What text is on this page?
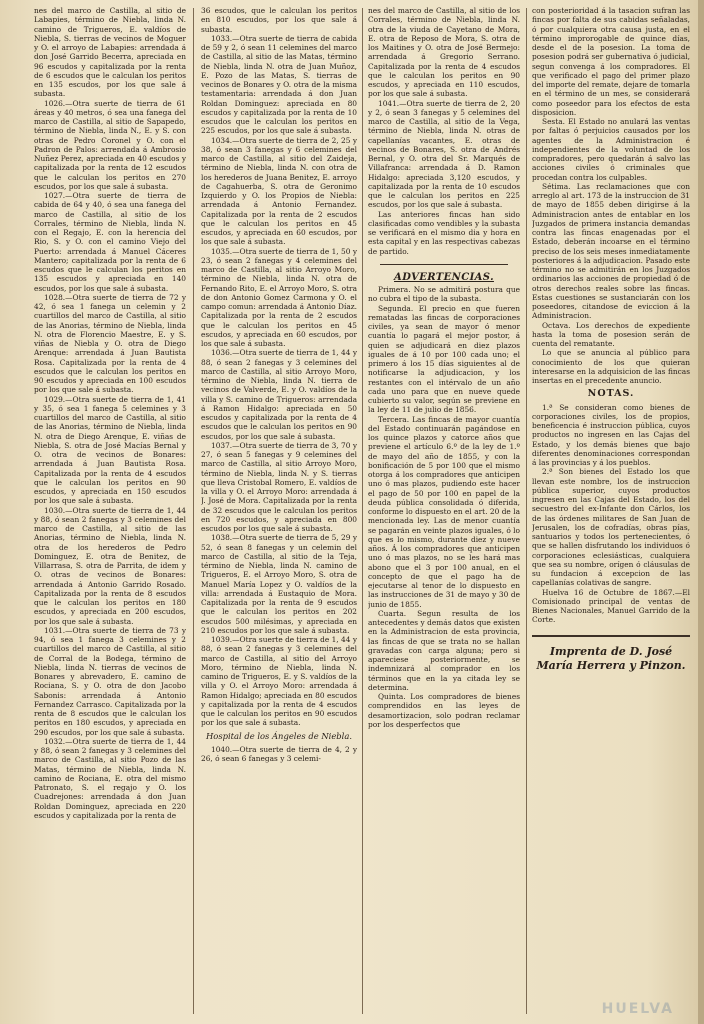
nes del marco de Castilla, al sitio de Labapies, término de Niebla, linda N. camino de Trigueros, E. valdíos de Niebla, S. tierras de vecinos de Moguer y O. el arroyo de Labapies: arrendada á don José Garrido Becerra, apreciada en 96 escudos y capitalizada por la renta de 6 escudos que le calculan los peritos en 135 escudos, por los que sale á subasta.

1026.—Otra suerte de tierra de 61 áreas y 40 metros, ó sea una fanega del marco de Castilla, al sitio de Sapapedo, término de Niebla, linda N., E. y S. con otras de Pedro Coronel y O. con el Padron de Palos: arrendada á Ambrosio Nuñez Perez, apreciada en 40 escudos y capitalizada por la renta de 12 escudos que le calculan los peritos en 270 escudos, por los que sale á subasta.

1027.—Otra suerte de tierra de cabida de 64 y 40, ó sea una fanega del marco de Castilla, al sitio de los Corrales, término de Niebla, linda N. con el Regajo, E. con la herencia del Rio, S. y O. con el camino Viejo del Puerto: arrendada á Manuel Cáceres Mantero; capitalizada por la renta de 6 escudos que le calculan los peritos en 135 escudos y apreciada en 140 escudos, por los que sale á subasta.

1028.—Otra suerte de tierra de 72 y 42, ó sea 1 fanega un celemin y 2 cuartillos del marco de Castilla, al sitio de las Anorias, término de Niebla, linda N. otra de Florencio Maestre, E. y S. viñas de Niebla y O. otra de Diego Arenque: arrendada á Juan Bautista Rosa. Capitalizada por la renta de 4 escudos que le calculan los peritos en 90 escudos y apreciada en 100 escudos por los que sale á subasta.

1029.—Otra suerte de tierra de 1, 41 y 35, ó sea 1 fanega 5 celemines y 3 cuartillos del marco de Castilla, al sitio de las Anorias, término de Niebla, linda N. otra de Diego Arenque, E. viñas de Niebla, S. otra de José Macías Bernal y O. otra de vecinos de Bonares: arrendada á Juan Bautista Rosa. Capitalizada por la renta de 4 escudos que le calculan los peritos en 90 escudos, y apreciada en 150 escudos por los que sale á subasta.

1030.—Otra suerte de tierra de 1, 44 y 88, ó sean 2 fanegas y 3 celemines del marco de Castilla, al sitio de las Anorias, término de Niebla, linda N. otra de los herederos de Pedro Dominguez, E. otra de Benitez, de Villarrasa, S. otra de Parrita, de idem y O. otras de vecinos de Bonares: arrendada á Antonio Garrido Rosado. Capitalizada por la renta de 8 escudos que le calculan los peritos en 180 escudos, y apreciada en 200 escudos, por los que sale á subasta.

1031.—Otra suerte de tierra de 73 y 94, ó sea 1 fanega 3 celemines y 2 cuartillos del marco de Castilla, al sitio de Corral de la Bodega, término de Niebla, linda N. tierras de vecinos de Bonares y abrevadero, E. camino de Rociana, S. y O. otra de don Jacobo Sabonis: arrendada á Antonio Fernandez Carrasco. Capitalizada por la renta de 8 escudos que le calculan los peritos en 180 escudos, y apreciada en 290 escudos, por los que sale á subasta.

1032.—Otra suerte de tierra de 1, 44 y 88, ó sean 2 fanegas y 3 celemines del marco de Castilla, al sitio Pozo de las Matas, término de Niebla, linda N. camino de Rociana, E. otra del mismo Patronato, S. el regajo y O. los Cuadrejones: arrendada á don Juan Roldan Dominguez, apreciada en 220 escudos y capitalizada por la renta de

36 escudos, que le calculan los peritos en 810 escudos, por los que sale á subasta.

1033.—Otra suerte de tierra de cabida de 59 y 2, ó sean 11 celemines del marco de Castilla, al sitio de las Matas, término de Niebla, linda N. otra de Juan Muñoz, E. Pozo de las Matas, S. tierras de vecinos de Bonares y O. otra de la misma testamentaria: arrendada á don Juan Roldan Dominguez: apreciada en 80 escudos y capitalizada por la renta de 10 escudos que le calculan los peritos en 225 escudos, por los que sale á subasta.

1034.—Otra suerte de tierra de 2, 25 y 38, ó sean 3 fanegas y 6 celemines del marco de Castilla, al sitio del Zaideja, término de Niebla, linda N. con otra de los herederos de Juana Benitez, E. arroyo de Cagahuerba, S. otra de Geronimo Izquierdo y O. los Propios de Niebla: arrendada á Antonio Fernandez. Capitalizada por la renta de 2 escudos que le calculan los peritos en 45 escudos, y apreciada en 60 escudos, por los que sale á subasta.

1035.—Otra suerte de tierra de 1, 50 y 23, ó sean 2 fanegas y 4 celemines del marco de Castilla, al sitio Arroyo Moro, término de Niebla, linda N. otra de Fernando Rito, E. el Arroyo Moro, S. otra de don Antonio Gomez Carmona y O. el campo comun: arrendada á Antonio Díaz. Capitalizada por la renta de 2 escudos que le calculan los peritos en 45 escudos, y apreciada en 60 escudos, por los que sale á subasta.

1036.—Otra suerte de tierra de 1, 44 y 88, ó sean 2 fanegas y 3 celemines del marco de Castilla, al sitio Arroyo Moro, término de Niebla, linda N. tierra de vecinos de Valverde, E. y O. valdíos de la villa y S. camino de Trigueros: arrendada á Ramon Hidalgo: apreciada en 50 escudos y capitalizada por la renta de 4 escudos que le calculan los peritos en 90 escudos, por los que sale á subasta.

1037.—Otra suerte de tierra de 3, 70 y 27, ó sean 5 fanegas y 9 celemines del marco de Castilla, al sitio Arroyo Moro, término de Niebla, linda N. y S. tierras que lleva Cristobal Romero, E. valdíos de la villa y O. el Arroyo Moro: arrendada á J. José de Mora. Capitalizada por la renta de 32 escudos que le calculan los peritos en 720 escudos, y apreciada en 800 escudos por los que sale á subasta.

1038.—Otra suerte de tierra de 5, 29 y 52, ó sean 8 fanegas y un celemin del marco de Castilla, al sitio de la Teja, término de Niebla, linda N. camino de Trigueros, E. el Arroyo Moro, S. otra de Manuel María Lopez y O. valdíos de la villa: arrendada á Eustaquio de Mora. Capitalizada por la renta de 9 escudos que le calculan los peritos en 202 escudos 500 milésimas, y apreciada en 210 escudos por los que sale á subasta.

1039.—Otra suerte de tierra de 1, 44 y 88, ó sean 2 fanegas y 3 celemines del marco de Castilla, al sitio del Arroyo Moro, término de Niebla, linda N. camino de Trigueros, E. y S. valdíos de la villa y O. el Arroyo Moro: arrendada á Ramon Hidalgo; apreciada en 80 escudos y capitalizada por la renta de 4 escudos que le calculan los peritos en 90 escudos por los que sale á subasta.

Hospital de los Ángeles de Niebla.

1040.—Otra suerte de tierra de 4, 2 y 26, ó sean 6 fanegas y 3 celemi-

nes del marco de Castilla, al sitio de los Corrales, término de Niebla, linda N. otra de la viuda de Cayetano de Mora, E. otra de Reposo de Mora, S. otra de los Maitines y O. otra de José Bermejo: arrendada á Gregorio Serrano. Capitalizada por la renta de 4 escudos que le calculan los peritos en 90 escudos, y apreciada en 110 escudos, por los que sale á subasta.

1041.—Otra suerte de tierra de 2, 20 y 2, ó sean 3 fanegas y 5 celemines del marco de Castilla, al sitio de la Vega, término de Niebla, linda N. otras de capellanías vacantes, E. otras de vecinos de Bonares, S. otra de Andrés Bernal, y O. otra del Sr. Marqués de Villafranca: arrendada á D. Ramon Hidalgo: apreciada 3,120 escudos, y capitalizada por la renta de 10 escudos que le calculan los peritos en 225 escudos, por los que sale á subasta.

Las anteriores fincas han sido clasificadas como vendibles y la subasta se verificará en el mismo dia y hora en esta capital y en las respectivas cabezas de partido.

ADVERTENCIAS.

Primera. No se admitirá postura que no cubra el tipo de la subasta.

Segunda. El precio en que fueren rematadas las fincas de corporaciones civiles, ya sean de mayor ó menor cuantía lo pagará el mejor postor, á quien se adjudicará en diez plazos iguales de á 10 por 100 cada uno; el primero á los 15 días siguientes al de notificarse la adjudicacion, y los restantes con el intérvalo de un año cada uno para que en nueve quede cubierto su valor, según se previene en la ley de 11 de julio de 1856.

Tercera. Las fincas de mayor cuantía del Estado continuarán pagándose en los quince plazos y catorce años que previene el artículo 6.º de la ley de 1.º de mayo del año de 1855, y con la bonificación de 5 por 100 que el mismo otorga á los compradores que anticipen uno ó mas plazos, pudiendo este hacer el pago de 50 por 100 en papel de la deuda pública consolidada ó diferida, conforme lo dispuesto en el art. 20 de la mencionada ley. Las de menor cuantía se pagarán en veinte plazos iguales, ó lo que es lo mismo, durante diez y nueve años. Á los compradores que anticipen uno ó mas plazos, no se les hará mas abono que el 3 por 100 anual, en el concepto de que el pago ha de ejecutarse al tenor de lo dispuesto en las instrucciones de 31 de mayo y 30 de junio de 1855.

Cuarta. Segun resulta de los antecedentes y demás datos que existen en la Administracion de esta provincia, las fincas de que se trata no se hallan gravadas con carga alguna; pero si apareciese posteriormente, se indemnizará al comprador en los términos que en la ya citada ley se determina.

Quinta. Los compradores de bienes comprendidos en las leyes de desamortizacion, solo podran reclamar por los desperfectos que

con posterioridad á la tasacion sufran las fincas por falta de sus cabidas señaladas, ó por cualquiera otra causa justa, en el término improrogable de quince días, desde el de la posesion. La toma de posesion podrá ser gubernativa ó judicial, segun convenga á los compradores. El que verificado el pago del primer plazo del importe del remate, dejare de tomarla en el término de un mes, se considerará como poseedor para los efectos de esta disposicion.

Sesta. El Estado no anulará las ventas por faltas ó perjuicios causados por los agentes de la Administracion é independientes de la voluntad de los compradores, pero quedarán á salvo las acciones civiles ó criminales que procedan contra los culpables.

Sétima. Las reclamaciones que con arreglo al art. 173 de la instruccion de 31 de mayo de 1855 deben dirigirse á la Administracion antes de entablar en los Juzgados de primera instancia demandas contra las fincas enagenadas por el Estado, deberán incoarse en el término preciso de los seis meses inmediatamente posteriores á la adjudicacion. Pasado este término no se admitirán en los Juzgados ordinarios las acciones de propiedad ó de otros derechos reales sobre las fincas. Estas cuestiones se sustanciarán con los poseedores, citandose de eviccion á la Administracion.

Octava. Los derechos de expediente hasta la toma de posesion serán de cuenta del rematante.

Lo que se anuncia al público para conocimiento de los que quieran interesarse en la adquisicion de las fincas insertas en el precedente anuncio.

NOTAS.

1.ª Se consideran como bienes de corporaciones civiles, los de propios, beneficencia é instruccion pública, cuyos productos no ingresen en las Cajas del Estado, y los demás bienes que bajo diferentes denominaciones correspondan á las provincias y á los pueblos.

2.ª Son bienes del Estado los que llevan este nombre, los de instruccion pública superior, cuyos productos ingresen en las Cajas del Estado, los del secuestro del ex-Infante don Cárlos, los de las órdenes militares de San Juan de Jerusalen, los de cofradías, obras pías, santuarios y todos los pertenecientes, ó que se hallen disfrutando los individuos ó corporaciones eclesiásticas, cualquiera que sea su nombre, orígen ó cláusulas de su fundacion á excepcion de las capellanías colativas de sangre.

Huelva 16 de Octubre de 1867.—El Comisionado principal de ventas de Bienes Nacionales, Manuel Garrido de la Corte.

Imprenta de D. José María Herrera y Pinzon.

HUELVA
